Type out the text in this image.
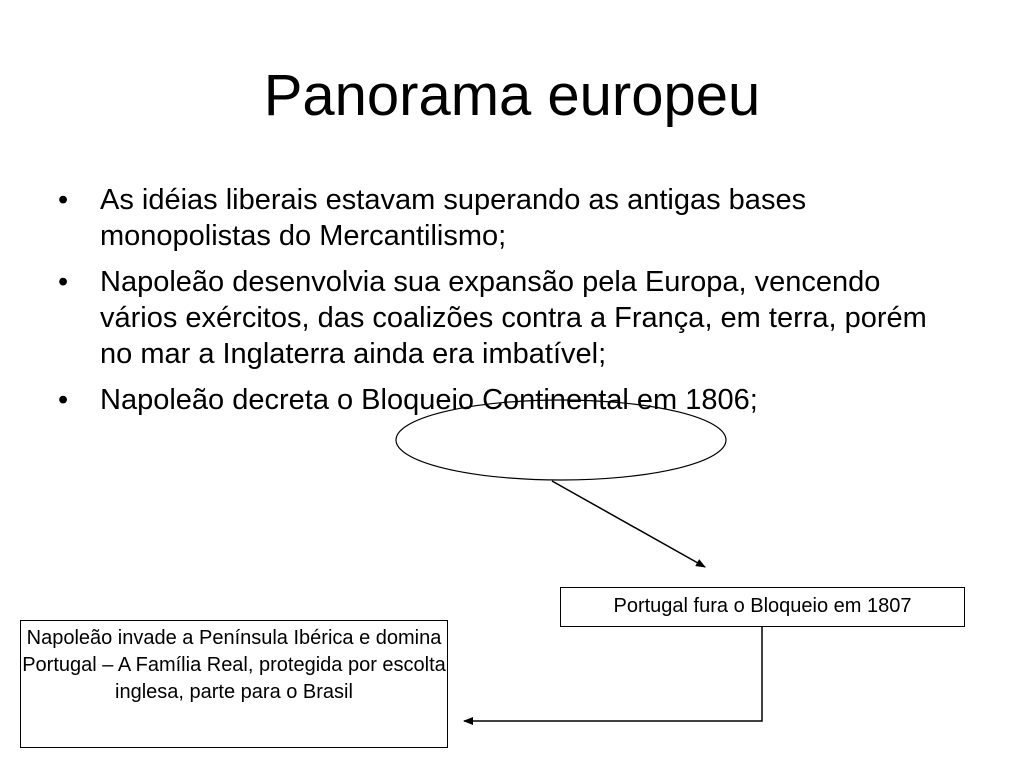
Panorama europeu
• As idéias liberais estavam superando as antigas bases monopolistas do Mercantilismo;
• Napoleão desenvolvia sua expansão pela Europa, vencendo vários exércitos, das coalizões contra a França, em terra, porém no mar a Inglaterra ainda era imbatível;
• Napoleão decreta o Bloqueio Continental em 1806;
Portugal fura o Bloqueio em 1807
Napoleão invade a Península Ibérica e domina Portugal – A Família Real, protegida por escolta inglesa, parte para o Brasil
